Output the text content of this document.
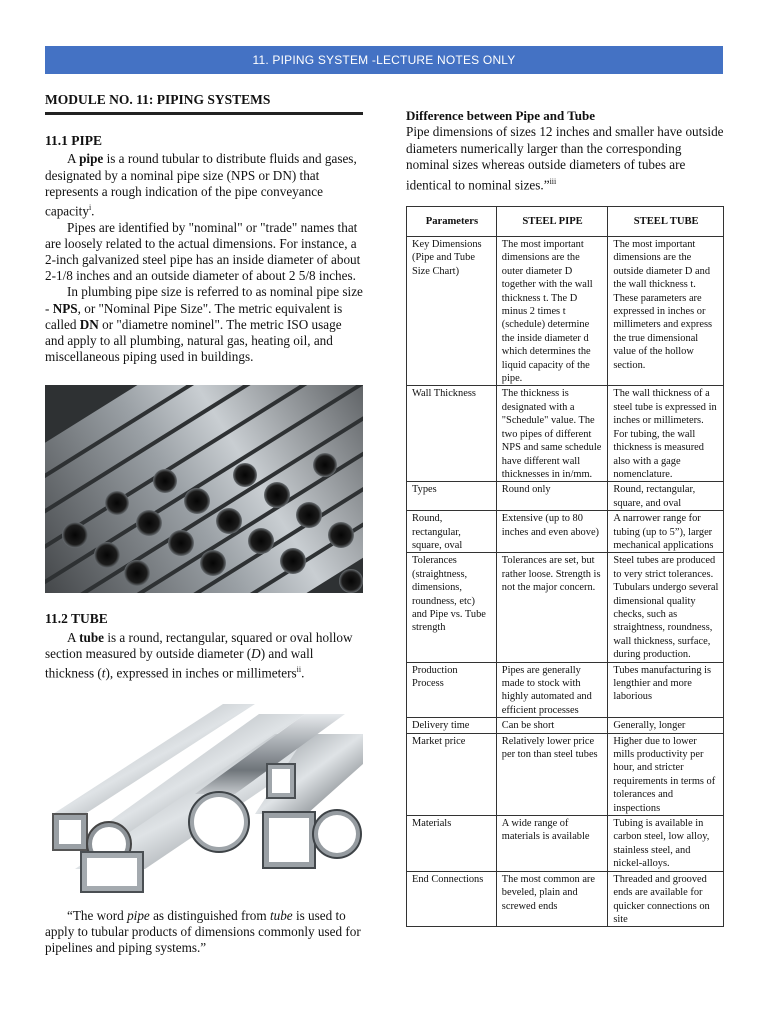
11. PIPING SYSTEM -LECTURE NOTES ONLY
MODULE NO. 11: PIPING SYSTEMS
11.1 PIPE

A pipe is a round tubular to distribute fluids and gases, designated by a nominal pipe size (NPS or DN) that represents a rough indication of the pipe conveyance capacity$^i$.

Pipes are identified by "nominal" or "trade" names that are loosely related to the actual dimensions. For instance, a 2-inch galvanized steel pipe has an inside diameter of about 2-1/8 inches and an outside diameter of about 2 5/8 inches.

In plumbing pipe size is referred to as nominal pipe size - NPS, or "Nominal Pipe Size". The metric equivalent is called DN or "diametre nominel". The metric ISO usage and apply to all plumbing, natural gas, heating oil, and miscellaneous piping used in buildings.

11.2 TUBE

A tube is a round, rectangular, squared or oval hollow section measured by outside diameter (D) and wall thickness (t), expressed in inches or millimeters$^{ii}$.

“The word pipe as distinguished from tube is used to apply to tubular products of dimensions commonly used for pipelines and piping systems.”

Difference between Pipe and Tube

Pipe dimensions of sizes 12 inches and smaller have outside diameters numerically larger than the corresponding nominal sizes whereas outside diameters of tubes are identical to nominal sizes.”$^{iii}$

Parameters	STEEL PIPE	STEEL TUBE
Key Dimensions (Pipe and Tube Size Chart)	The most important dimensions are the outer diameter D together with the wall thickness t. The D minus 2 times t (schedule) determine the inside diameter d which determines the liquid capacity of the pipe.	The most important dimensions are the outside diameter D and the wall thickness t. These parameters are expressed in inches or millimeters and express the true dimensional value of the hollow section.
Wall Thickness	The thickness is designated with a "Schedule" value. The two pipes of different NPS and same schedule have different wall thicknesses in in/mm.	The wall thickness of a steel tube is expressed in inches or millimeters. For tubing, the wall thickness is measured also with a gage nomenclature.
Types	Round only	Round, rectangular, square, and oval
Round, rectangular, square, oval	Extensive (up to 80 inches and even above)	A narrower range for tubing (up to 5”), larger mechanical applications
Tolerances (straightness, dimensions, roundness, etc) and Pipe vs. Tube strength	Tolerances are set, but rather loose. Strength is not the major concern.	Steel tubes are produced to very strict tolerances. Tubulars undergo several dimensional quality checks, such as straightness, roundness, wall thickness, surface, during production.
Production Process	Pipes are generally made to stock with highly automated and efficient processes	Tubes manufacturing is lengthier and more laborious
Delivery time	Can be short	Generally, longer
Market price	Relatively lower price per ton than steel tubes	Higher due to lower mills productivity per hour, and stricter requirements in terms of tolerances and inspections
Materials	A wide range of materials is available	Tubing is available in carbon steel, low alloy, stainless steel, and nickel-alloys.
End Connections	The most common are beveled, plain and screwed ends	Threaded and grooved ends are available for quicker connections on site
